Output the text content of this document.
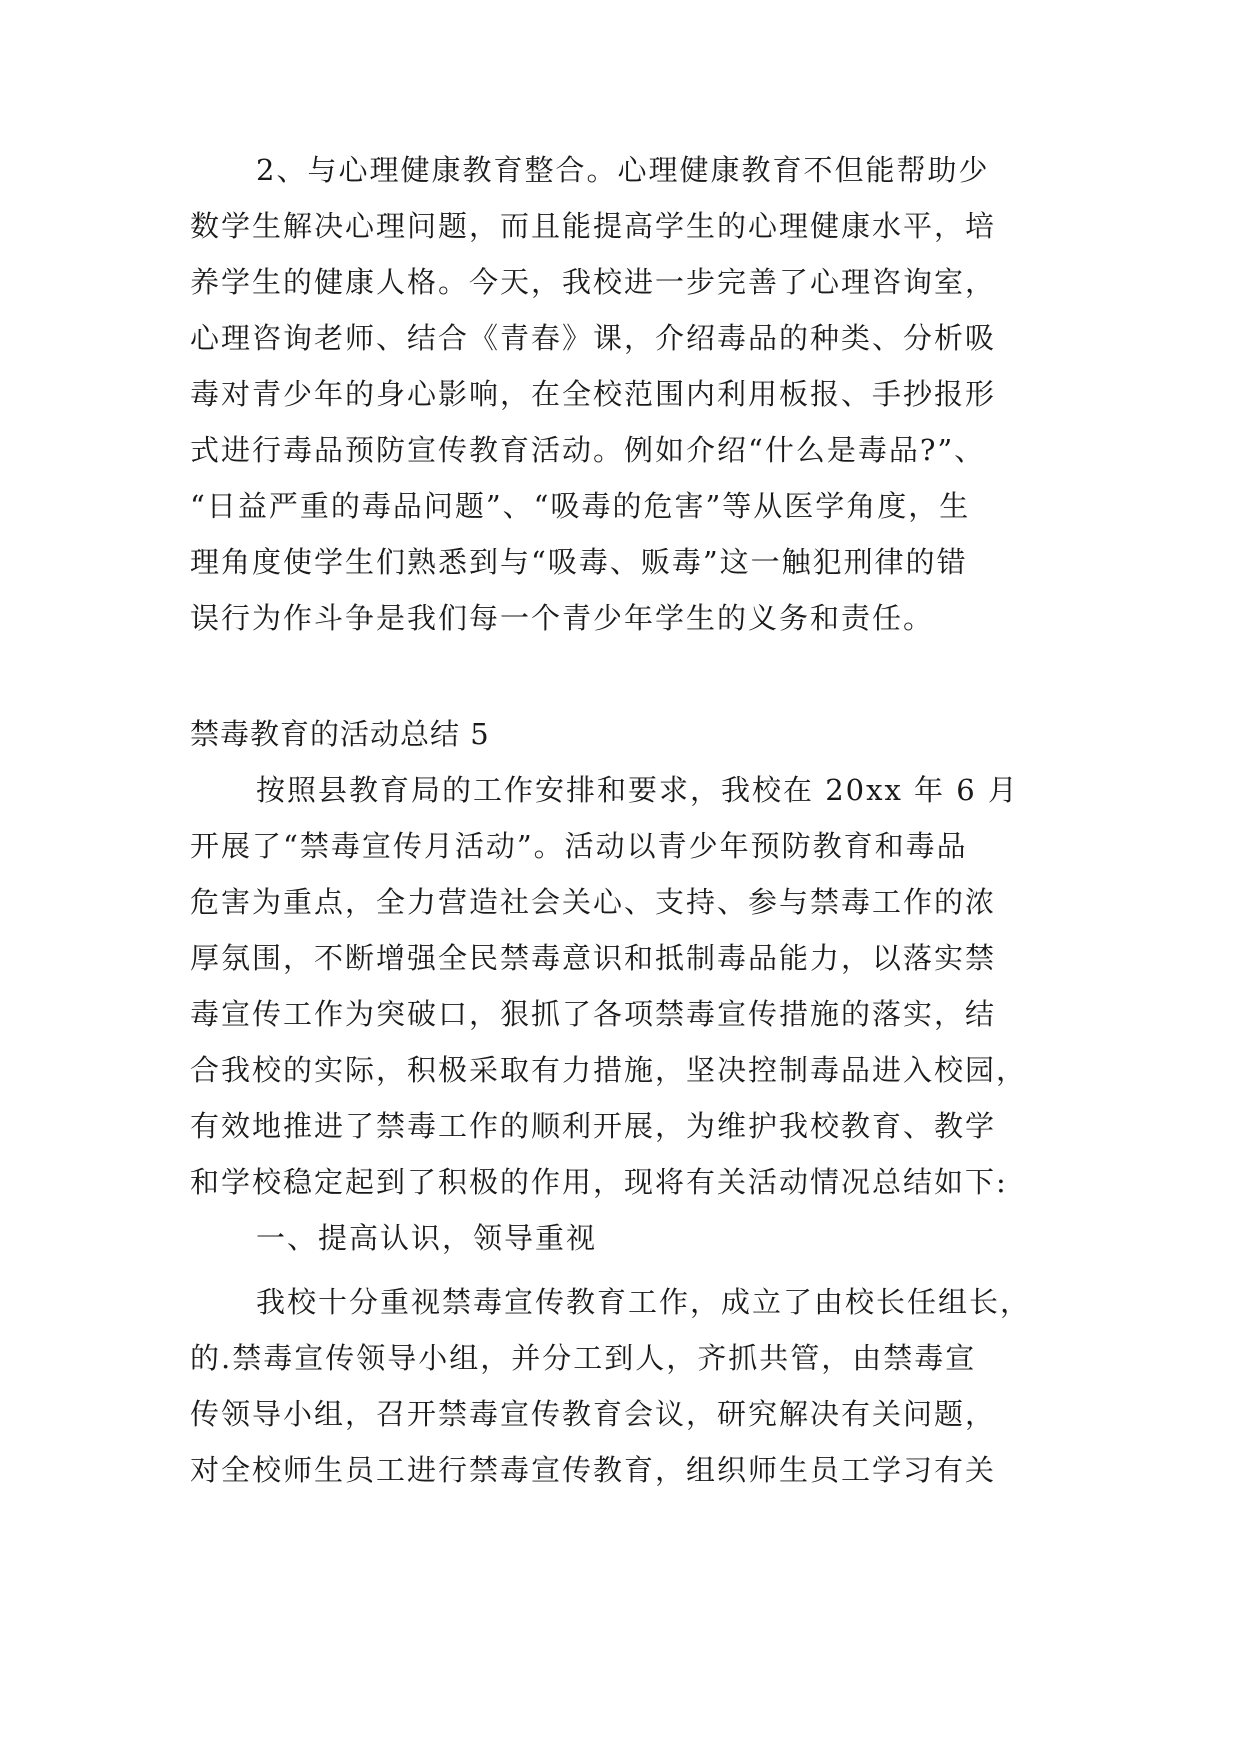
2、与心理健康教育整合。心理健康教育不但能帮助少
数学生解决心理问题，而且能提高学生的心理健康水平，培
养学生的健康人格。今天，我校进一步完善了心理咨询室，
心理咨询老师、结合《青春》课，介绍毒品的种类、分析吸
毒对青少年的身心影响，在全校范围内利用板报、手抄报形
式进行毒品预防宣传教育活动。例如介绍“什么是毒品?”、
“日益严重的毒品问题”、“吸毒的危害”等从医学角度，生
理角度使学生们熟悉到与“吸毒、贩毒”这一触犯刑律的错
误行为作斗争是我们每一个青少年学生的义务和责任。
禁毒教育的活动总结 5
按照县教育局的工作安排和要求，我校在 20xx 年 6 月
开展了“禁毒宣传月活动”。活动以青少年预防教育和毒品
危害为重点，全力营造社会关心、支持、参与禁毒工作的浓
厚氛围，不断增强全民禁毒意识和抵制毒品能力，以落实禁
毒宣传工作为突破口，狠抓了各项禁毒宣传措施的落实，结
合我校的实际，积极采取有力措施，坚决控制毒品进入校园，
有效地推进了禁毒工作的顺利开展，为维护我校教育、教学
和学校稳定起到了积极的作用，现将有关活动情况总结如下:
一、提高认识，领导重视
我校十分重视禁毒宣传教育工作，成立了由校长任组长，
的.禁毒宣传领导小组，并分工到人，齐抓共管，由禁毒宣
传领导小组，召开禁毒宣传教育会议，研究解决有关问题，
对全校师生员工进行禁毒宣传教育，组织师生员工学习有关
